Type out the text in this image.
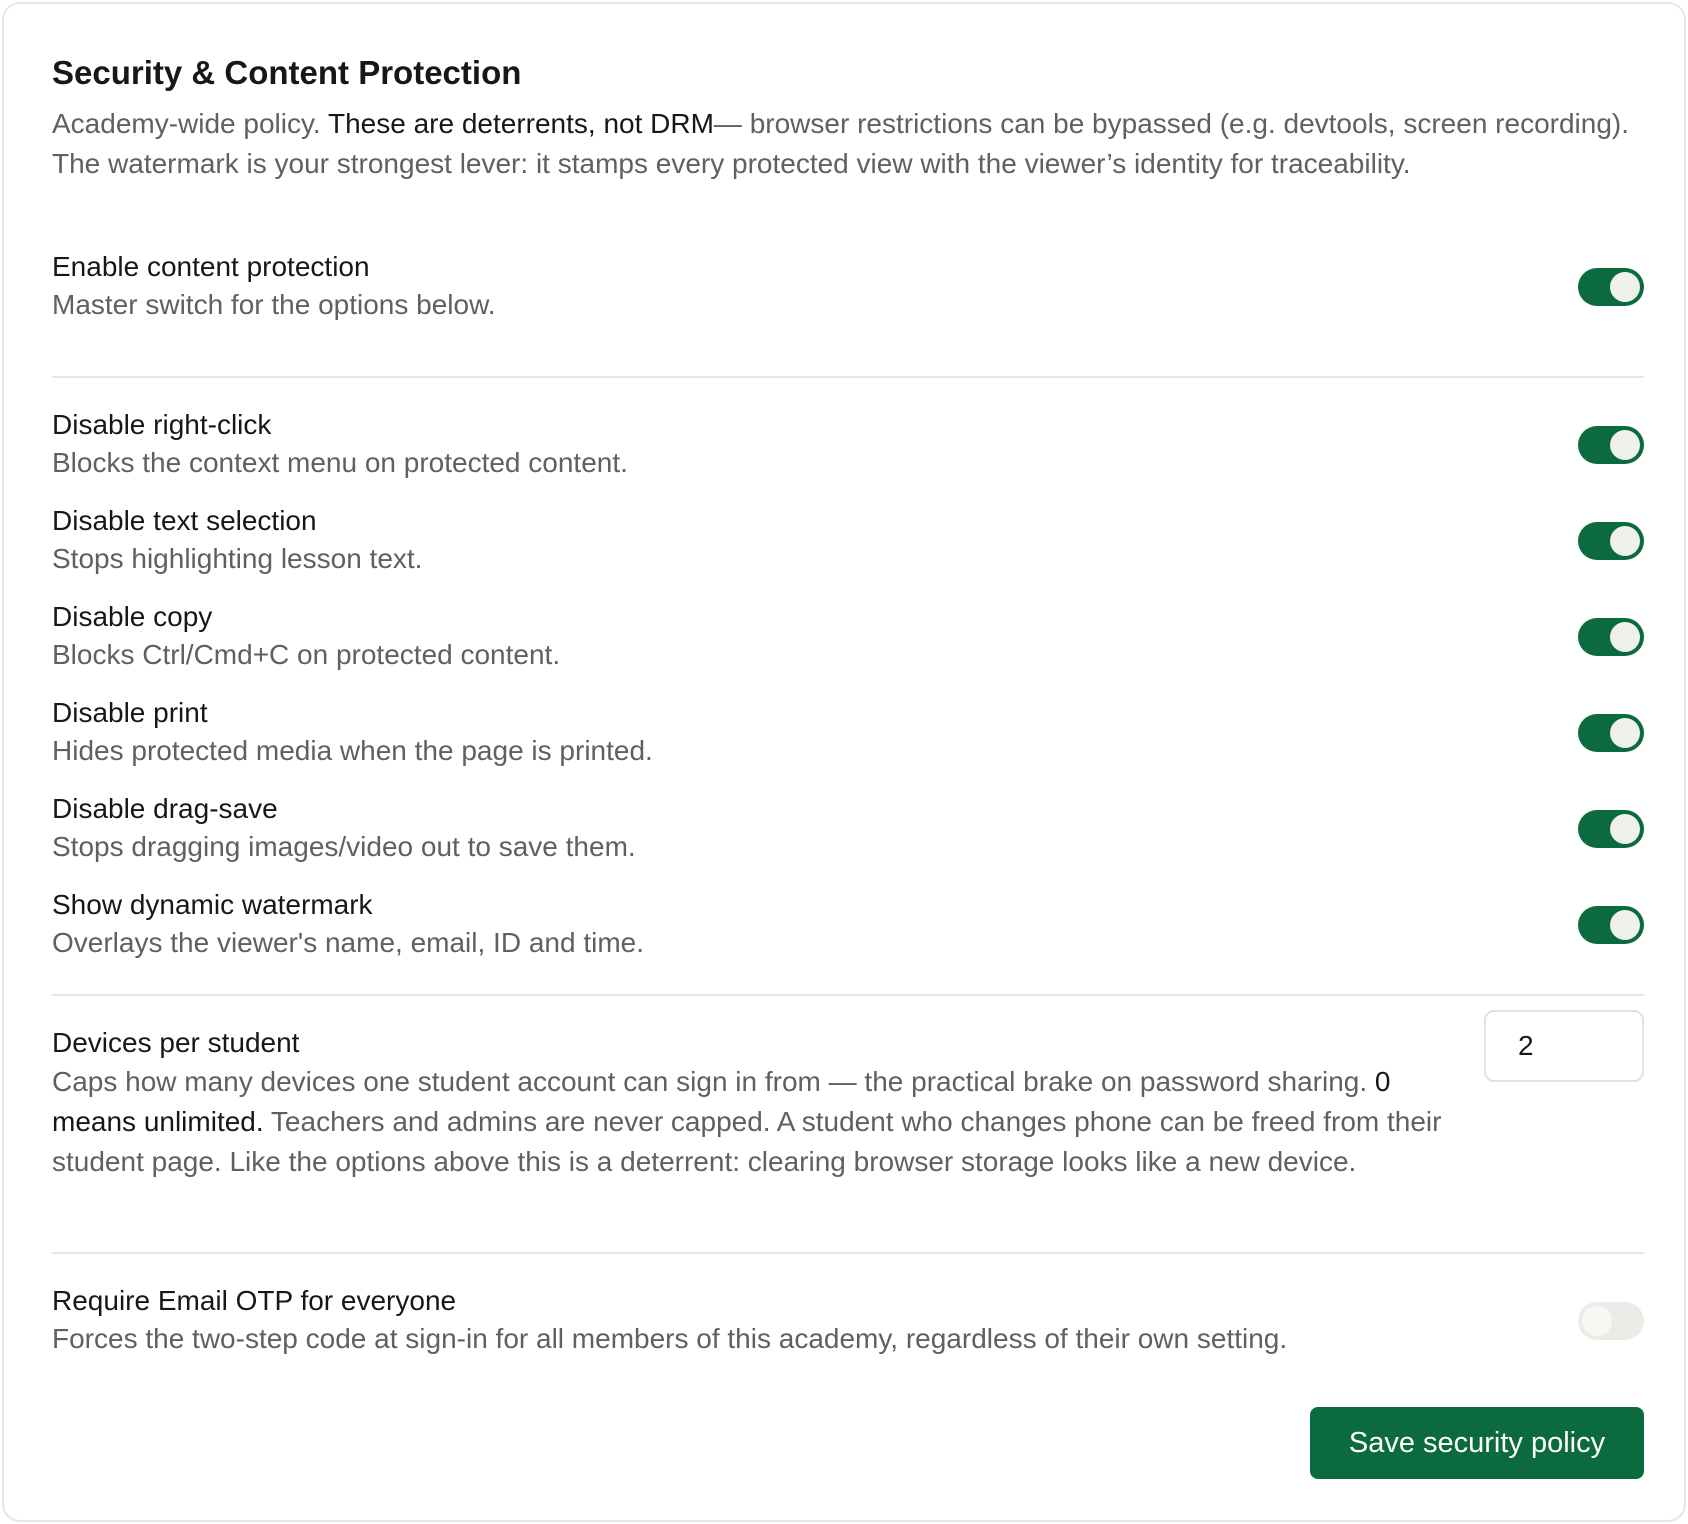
Security & Content Protection

Academy-wide policy. These are deterrents, not DRM— browser restrictions can be bypassed (e.g. devtools, screen recording). The watermark is your strongest lever: it stamps every protected view with the viewer’s identity for traceability.

Enable content protection
Master switch for the options below.
Disable right-click
Blocks the context menu on protected content.
Disable text selection
Stops highlighting lesson text.
Disable copy
Blocks Ctrl/Cmd+C on protected content.
Disable print
Hides protected media when the page is printed.
Disable drag-save
Stops dragging images/video out to save them.
Show dynamic watermark
Overlays the viewer's name, email, ID and time.
Devices per student
Caps how many devices one student account can sign in from — the practical brake on password sharing. 0 means unlimited. Teachers and admins are never capped. A student who changes phone can be freed from their student page. Like the options above this is a deterrent: clearing browser storage looks like a new device.
2
Require Email OTP for everyone
Forces the two-step code at sign-in for all members of this academy, regardless of their own setting.
Save security policy
